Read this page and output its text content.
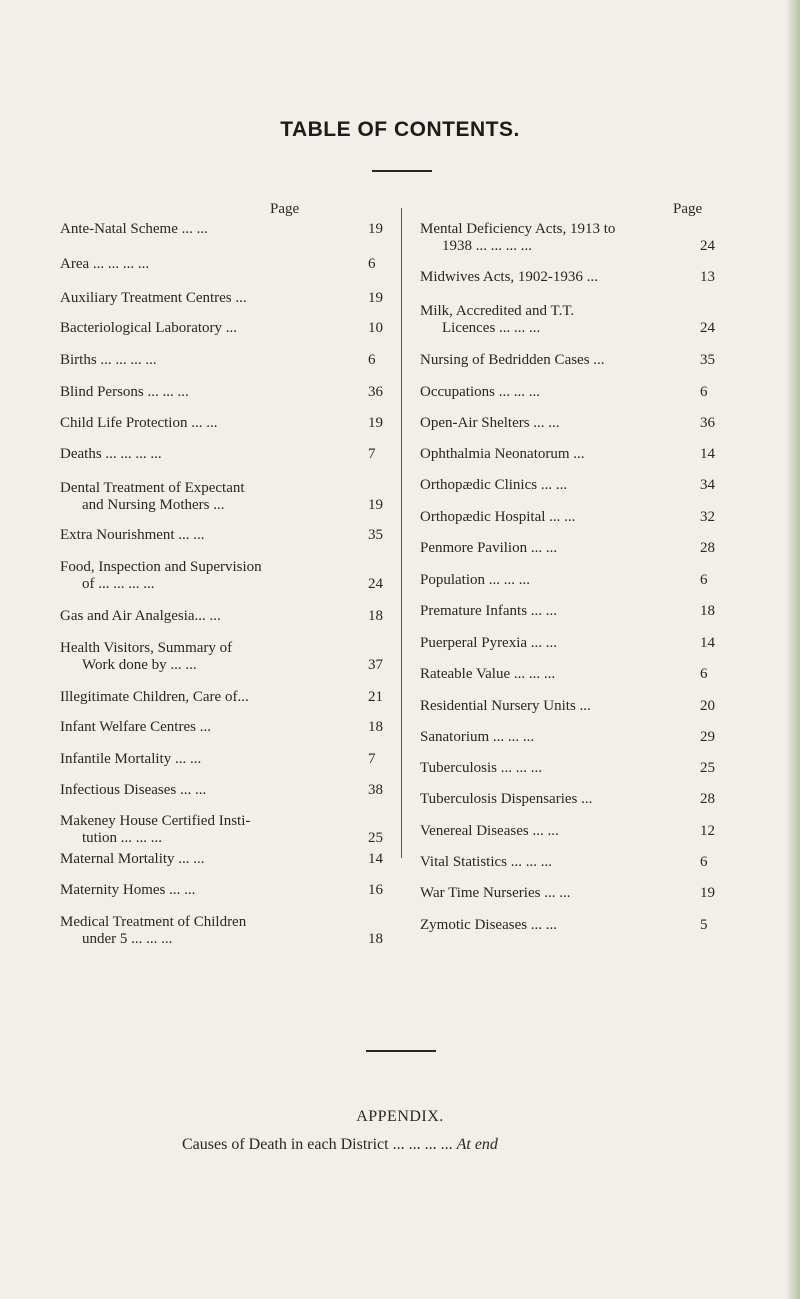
TABLE OF CONTENTS.
Page	Page
Ante-Natal Scheme ... ...	19
Area ... ... ... ...	6
Auxiliary Treatment Centres ...	19
Bacteriological Laboratory ...	10
Births ... ... ... ...	6
Blind Persons ... ... ...	36
Child Life Protection ... ...	19
Deaths ... ... ... ...	7
Dental Treatment of Expectant
and Nursing Mothers ...	19
Extra Nourishment ... ...	35
Food, Inspection and Supervision
of ... ... ... ...	24
Gas and Air Analgesia... ...	18
Health Visitors, Summary of
Work done by ... ...	37
Illegitimate Children, Care of...	21
Infant Welfare Centres ...	18
Infantile Mortality ... ...	7
Infectious Diseases ... ...	38
Makeney House Certified Insti-
tution ... ... ...	25
Maternal Mortality ... ...	14
Maternity Homes ... ...	16
Medical Treatment of Children
under 5 ... ... ...	18
Mental Deficiency Acts, 1913 to
1938 ... ... ... ...	24
Midwives Acts, 1902-1936 ...	13
Milk, Accredited and T.T.
Licences ... ... ...	24
Nursing of Bedridden Cases ...	35
Occupations ... ... ...	6
Open-Air Shelters ... ...	36
Ophthalmia Neonatorum ...	14
Orthopædic Clinics ... ...	34
Orthopædic Hospital ... ...	32
Penmore Pavilion ... ...	28
Population ... ... ...	6
Premature Infants ... ...	18
Puerperal Pyrexia ... ...	14
Rateable Value ... ... ...	6
Residential Nursery Units ...	20
Sanatorium ... ... ...	29
Tuberculosis ... ... ...	25
Tuberculosis Dispensaries ...	28
Venereal Diseases ... ...	12
Vital Statistics ... ... ...	6
War Time Nurseries ... ...	19
Zymotic Diseases ... ...	5
APPENDIX.
Causes of Death in each District ... ... ... ... At end
